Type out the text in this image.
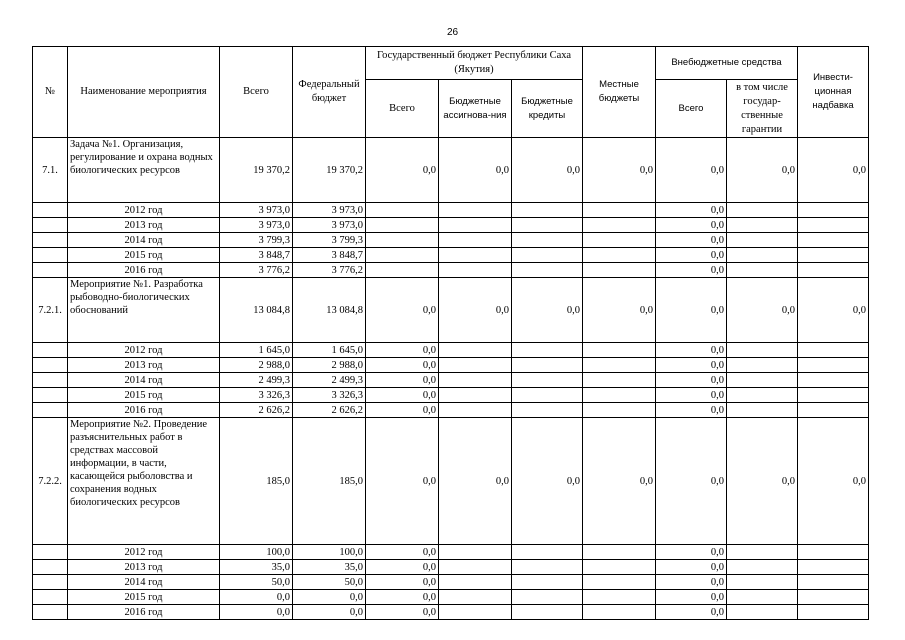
26
№	Наименование мероприятия	Всего	Федеральный бюджет	Государственный бюджет Республики Саха (Якутия)			Местные бюджеты	Внебюджетные средства		Инвести-ционная надбавка
				Всего	Бюджетные ассигнова-ния	Бюджетные кредиты		Всего	в том числе государ-ственные гарантии	
7.1.	Задача №1. Организация, регулирование и охрана водных биологических ресурсов	19 370,2	19 370,2	0,0	0,0	0,0	0,0	0,0	0,0	0,0
	2012 год	3 973,0	3 973,0					0,0		
	2013 год	3 973,0	3 973,0					0,0		
	2014 год	3 799,3	3 799,3					0,0		
	2015 год	3 848,7	3 848,7					0,0		
	2016 год	3 776,2	3 776,2					0,0		
7.2.1.	Мероприятие №1. Разработка рыбоводно-биологических обоснований	13 084,8	13 084,8	0,0	0,0	0,0	0,0	0,0	0,0	0,0
	2012 год	1 645,0	1 645,0	0,0				0,0		
	2013 год	2 988,0	2 988,0	0,0				0,0		
	2014 год	2 499,3	2 499,3	0,0				0,0		
	2015 год	3 326,3	3 326,3	0,0				0,0		
	2016 год	2 626,2	2 626,2	0,0				0,0		
7.2.2.	Мероприятие №2. Проведение разъяснительных работ в средствах массовой информации, в части, касающейся рыболовства и сохранения водных биологических ресурсов	185,0	185,0	0,0	0,0	0,0	0,0	0,0	0,0	0,0
	2012 год	100,0	100,0	0,0				0,0		
	2013 год	35,0	35,0	0,0				0,0		
	2014 год	50,0	50,0	0,0				0,0		
	2015 год	0,0	0,0	0,0				0,0		
	2016 год	0,0	0,0	0,0				0,0		
